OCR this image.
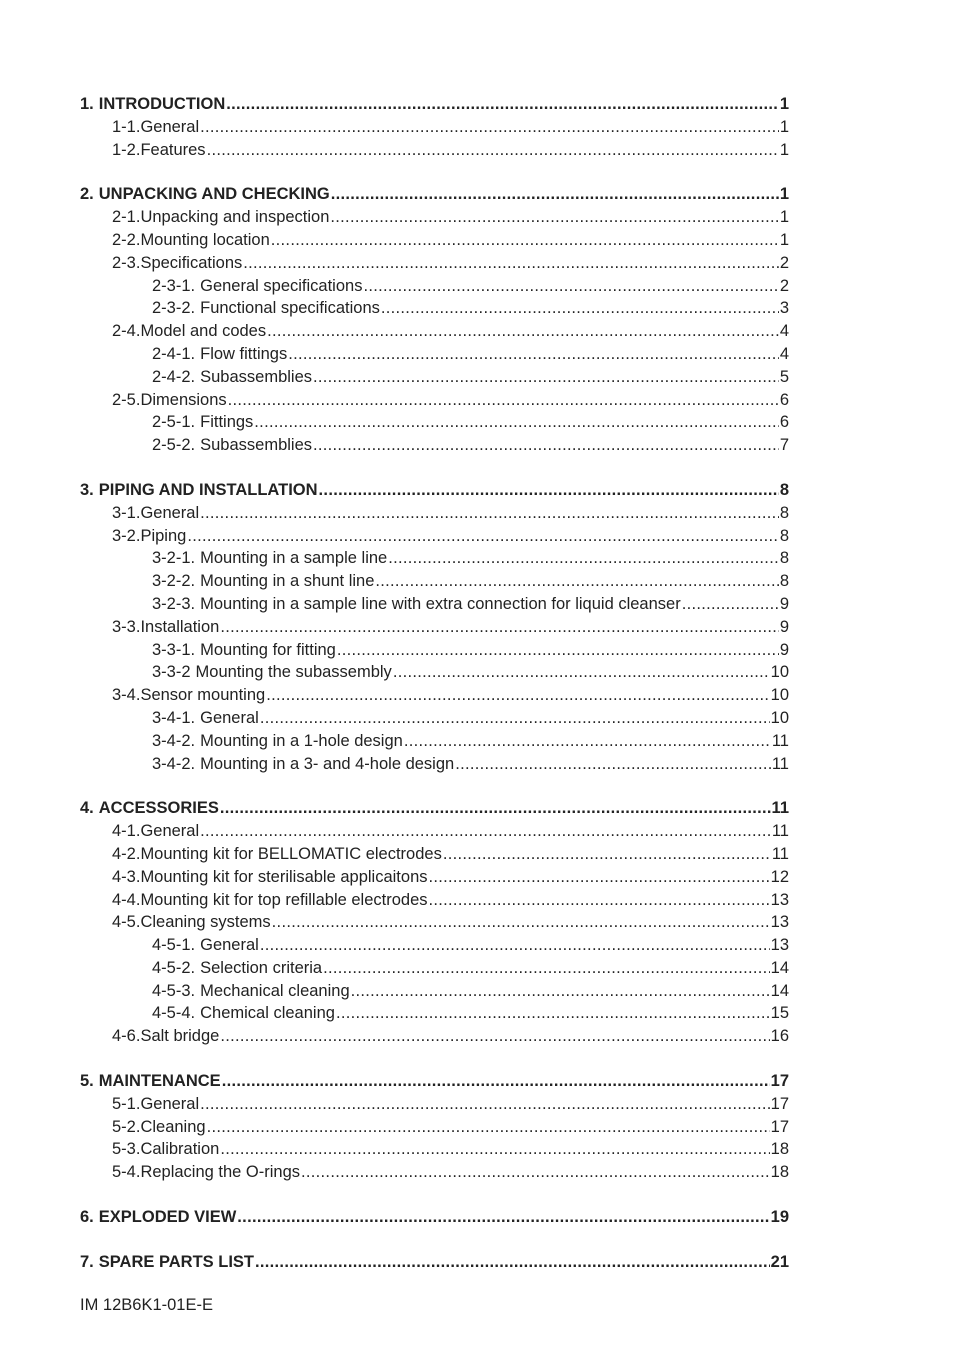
1. INTRODUCTION .....	1
1-1. General .....	1
1-2. Features .....	1
2. UNPACKING AND CHECKING .....	1
2-1. Unpacking and inspection .....	1
2-2. Mounting location .....	1
2-3. Specifications .....	2
2-3-1. General specifications .....	2
2-3-2. Functional specifications .....	3
2-4. Model and codes .....	4
2-4-1. Flow fittings .....	4
2-4-2. Subassemblies .....	5
2-5. Dimensions .....	6
2-5-1. Fittings .....	6
2-5-2. Subassemblies .....	7
3. PIPING AND INSTALLATION .....	8
3-1. General .....	8
3-2. Piping .....	8
3-2-1. Mounting in a sample line .....	8
3-2-2. Mounting in a shunt line .....	8
3-2-3. Mounting in a sample line with extra connection for liquid cleanser .....	9
3-3. Installation .....	9
3-3-1. Mounting for fitting .....	9
3-3-2 Mounting the subassembly .....	10
3-4. Sensor mounting .....	10
3-4-1. General .....	10
3-4-2. Mounting in a 1-hole design .....	11
3-4-2. Mounting in a 3- and 4-hole design .....	11
4. ACCESSORIES .....	11
4-1. General .....	11
4-2. Mounting kit for BELLOMATIC electrodes .....	11
4-3. Mounting kit for sterilisable applicaitons .....	12
4-4. Mounting kit for top refillable electrodes .....	13
4-5. Cleaning systems .....	13
4-5-1. General .....	13
4-5-2. Selection criteria .....	14
4-5-3. Mechanical cleaning .....	14
4-5-4. Chemical cleaning .....	15
4-6. Salt bridge .....	16
5. MAINTENANCE .....	17
5-1. General .....	17
5-2. Cleaning .....	17
5-3. Calibration .....	18
5-4. Replacing the O-rings .....	18
6. EXPLODED VIEW .....	19
7. SPARE PARTS LIST .....	21
IM 12B6K1-01E-E
